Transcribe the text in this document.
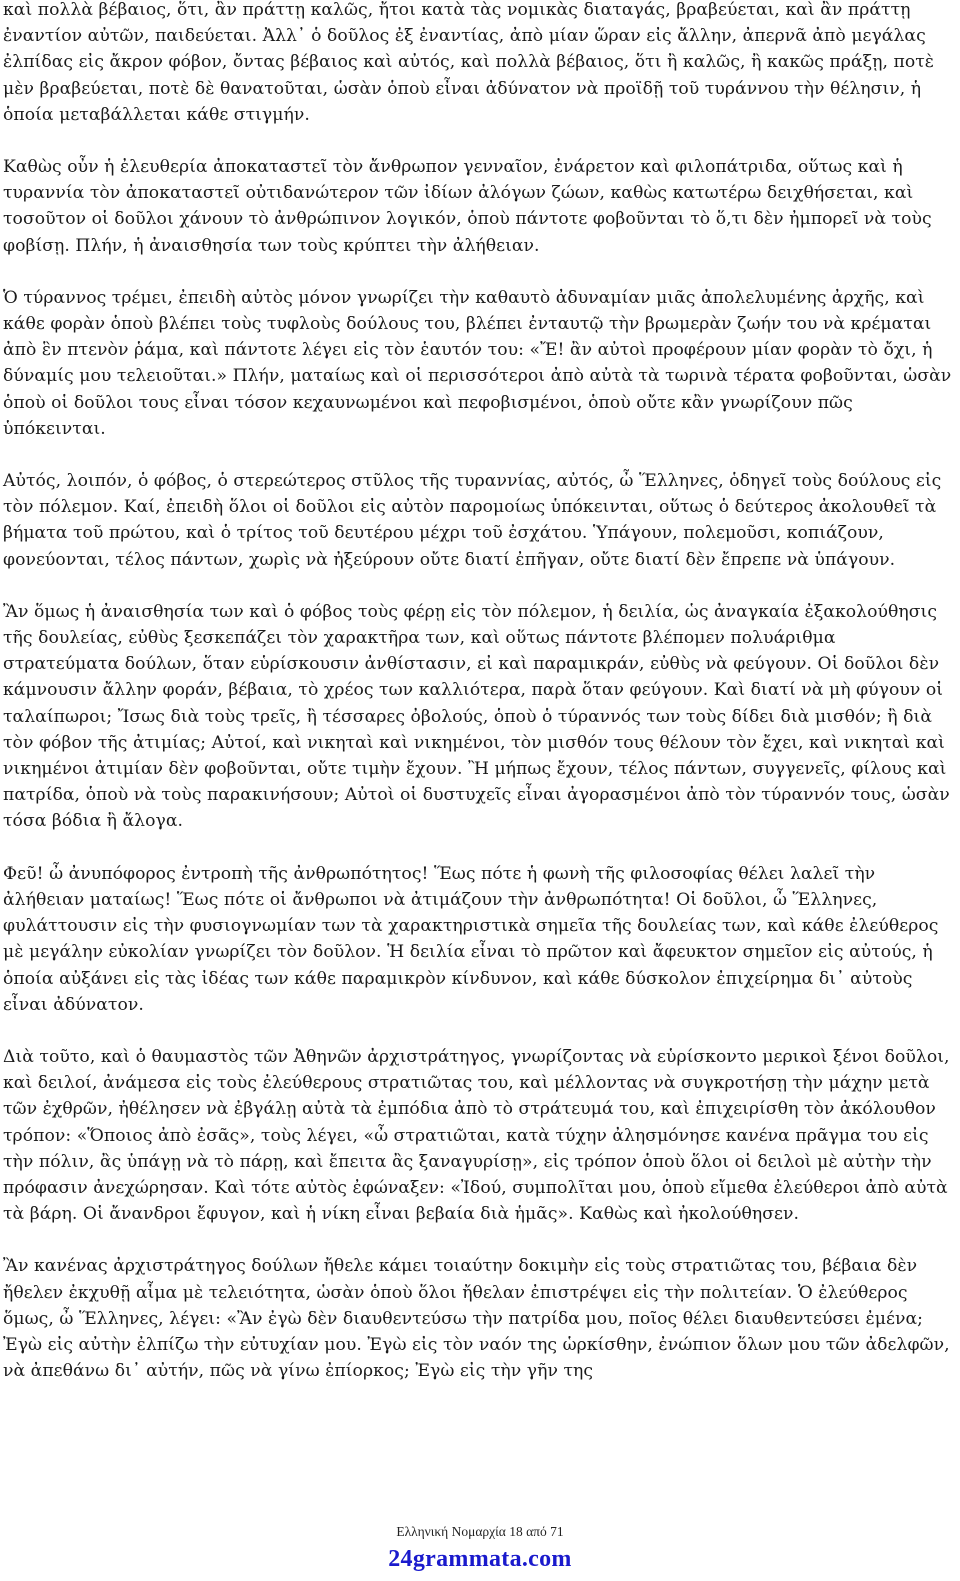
καὶ πολλὰ βέβαιος, ὅτι, ἂν πράττῃ καλῶς, ἤτοι κατὰ τὰς νομικὰς διαταγάς, βραβεύεται, καὶ ἂν πράττῃ ἐναντίον αὐτῶν, παιδεύεται. Ἀλλ᾽ ὁ δοῦλος ἐξ ἐναντίας, ἀπὸ μίαν ὥραν εἰς ἄλλην, ἀπερνᾶ ἀπὸ μεγάλας ἐλπίδας εἰς ἄκρον φόβον, ὄντας βέβαιος καὶ αὐτός, καὶ πολλὰ βέβαιος, ὅτι ἢ καλῶς, ἢ κακῶς πράξῃ, ποτὲ μὲν βραβεύεται, ποτὲ δὲ θανατοῦται, ὡσὰν ὁποὺ εἶναι ἀδύνατον νὰ προϊδῇ τοῦ τυράννου τὴν θέλησιν, ἡ ὁποία μεταβάλλεται κάθε στιγμήν.

Καθὼς οὖν ἡ ἐλευθερία ἀποκαταστεῖ τὸν ἄνθρωπον γενναῖον, ἐνάρετον καὶ φιλοπάτριδα, οὕτως καὶ ἡ τυραννία τὸν ἀποκαταστεῖ οὐτιδανώτερον τῶν ἰδίων ἀλόγων ζώων, καθὼς κατωτέρω δειχθήσεται, καὶ τοσοῦτον οἱ δοῦλοι χάνουν τὸ ἀνθρώπινον λογικόν, ὁποὺ πάντοτε φοβοῦνται τὸ ὅ,τι δὲν ἠμπορεῖ νὰ τοὺς φοβίσῃ. Πλήν, ἡ ἀναισθησία των τοὺς κρύπτει τὴν ἀλήθειαν.

Ὁ τύραννος τρέμει, ἐπειδὴ αὐτὸς μόνον γνωρίζει τὴν καθαυτὸ ἀδυναμίαν μιᾶς ἀπολελυμένης ἀρχῆς, καὶ κάθε φορὰν ὁποὺ βλέπει τοὺς τυφλοὺς δούλους του, βλέπει ἐνταυτῷ τὴν βρωμερὰν ζωήν του νὰ κρέμαται ἀπὸ ἓν πτενὸν ῥάμα, καὶ πάντοτε λέγει εἰς τὸν ἑαυτόν του: «Ἔ! ἂν αὐτοὶ προφέρουν μίαν φορὰν τὸ ὄχι, ἡ δύναμίς μου τελειοῦται.» Πλήν, ματαίως καὶ οἱ περισσότεροι ἀπὸ αὐτὰ τὰ τωρινὰ τέρατα φοβοῦνται, ὡσὰν ὁποὺ οἱ δοῦλοι τους εἶναι τόσον κεχαυνωμένοι καὶ πεφοβισμένοι, ὁποὺ οὔτε κἂν γνωρίζουν πῶς ὑπόκεινται.

Αὐτός, λοιπόν, ὁ φόβος, ὁ στερεώτερος στῦλος τῆς τυραννίας, αὐτός, ὦ Ἕλληνες, ὁδηγεῖ τοὺς δούλους εἰς τὸν πόλεμον. Καί, ἐπειδὴ ὅλοι οἱ δοῦλοι εἰς αὐτὸν παρομοίως ὑπόκεινται, οὕτως ὁ δεύτερος ἀκολουθεῖ τὰ βήματα τοῦ πρώτου, καὶ ὁ τρίτος τοῦ δευτέρου μέχρι τοῦ ἐσχάτου. Ὑπάγουν, πολεμοῦσι, κοπιάζουν, φονεύονται, τέλος πάντων, χωρὶς νὰ ἠξεύρουν οὔτε διατί ἐπῆγαν, οὔτε διατί δὲν ἔπρεπε νὰ ὑπάγουν.

Ἂν ὅμως ἡ ἀναισθησία των καὶ ὁ φόβος τοὺς φέρῃ εἰς τὸν πόλεμον, ἡ δειλία, ὡς ἀναγκαία ἐξακολούθησις τῆς δουλείας, εὐθὺς ξεσκεπάζει τὸν χαρακτῆρα των, καὶ οὕτως πάντοτε βλέπομεν πολυάριθμα στρατεύματα δούλων, ὅταν εὑρίσκουσιν ἀνθίστασιν, εἰ καὶ παραμικράν, εὐθὺς νὰ φεύγουν. Οἱ δοῦλοι δὲν κάμνουσιν ἄλλην φοράν, βέβαια, τὸ χρέος των καλλιότερα, παρὰ ὅταν φεύγουν. Καὶ διατί νὰ μὴ φύγουν οἱ ταλαίπωροι; Ἴσως διὰ τοὺς τρεῖς, ἢ τέσσαρες ὀβολούς, ὁποὺ ὁ τύραννός των τοὺς δίδει διὰ μισθόν; ἢ διὰ τὸν φόβον τῆς ἀτιμίας; Αὐτοί, καὶ νικηταὶ καὶ νικημένοι, τὸν μισθόν τους θέλουν τὸν ἔχει, καὶ νικηταὶ καὶ νικημένοι ἀτιμίαν δὲν φοβοῦνται, οὔτε τιμὴν ἔχουν. Ἢ μήπως ἔχουν, τέλος πάντων, συγγενεῖς, φίλους καὶ πατρίδα, ὁποὺ νὰ τοὺς παρακινήσουν; Αὐτοὶ οἱ δυστυχεῖς εἶναι ἀγορασμένοι ἀπὸ τὸν τύραννόν τους, ὡσὰν τόσα βόδια ἢ ἄλογα.

Φεῦ! ὦ ἀνυπόφορος ἐντροπὴ τῆς ἀνθρωπότητος! Ἕως πότε ἡ φωνὴ τῆς φιλοσοφίας θέλει λαλεῖ τὴν ἀλήθειαν ματαίως! Ἕως πότε οἱ ἄνθρωποι νὰ ἀτιμάζουν τὴν ἀνθρωπότητα! Οἱ δοῦλοι, ὦ Ἕλληνες, φυλάττουσιν εἰς τὴν φυσιογνωμίαν των τὰ χαρακτηριστικὰ σημεῖα τῆς δουλείας των, καὶ κάθε ἐλεύθερος μὲ μεγάλην εὐκολίαν γνωρίζει τὸν δοῦλον. Ἡ δειλία εἶναι τὸ πρῶτον καὶ ἄφευκτον σημεῖον εἰς αὐτούς, ἡ ὁποία αὐξάνει εἰς τὰς ἰδέας των κάθε παραμικρὸν κίνδυνον, καὶ κάθε δύσκολον ἐπιχείρημα δι᾽ αὐτοὺς εἶναι ἀδύνατον.

Διὰ τοῦτο, καὶ ὁ θαυμαστὸς τῶν Ἀθηνῶν ἀρχιστράτηγος, γνωρίζοντας νὰ εὑρίσκοντο μερικοὶ ξένοι δοῦλοι, καὶ δειλοί, ἀνάμεσα εἰς τοὺς ἐλεύθερους στρατιῶτας του, καὶ μέλλοντας νὰ συγκροτήσῃ τὴν μάχην μετὰ τῶν ἐχθρῶν, ἠθέλησεν νὰ ἐβγάλῃ αὐτὰ τὰ ἐμπόδια ἀπὸ τὸ στράτευμά του, καὶ ἐπιχειρίσθη τὸν ἀκόλουθον τρόπον: «Ὅποιος ἀπὸ ἐσᾶς», τοὺς λέγει, «ὦ στρατιῶται, κατὰ τύχην ἀλησμόνησε κανένα πρᾶγμα του εἰς τὴν πόλιν, ἂς ὑπάγῃ νὰ τὸ πάρῃ, καὶ ἔπειτα ἂς ξαναγυρίσῃ», εἰς τρόπον ὁποὺ ὅλοι οἱ δειλοὶ μὲ αὐτὴν τὴν πρόφασιν ἀνεχώρησαν. Καὶ τότε αὐτὸς ἐφώναξεν: «Ἰδού, συμπολῖται μου, ὁποὺ εἴμεθα ἐλεύθεροι ἀπὸ αὐτὰ τὰ βάρη. Οἱ ἄνανδροι ἔφυγον, καὶ ἡ νίκη εἶναι βεβαία διὰ ἡμᾶς». Καθὼς καὶ ἠκολούθησεν.

Ἂν κανένας ἀρχιστράτηγος δούλων ἤθελε κάμει τοιαύτην δοκιμὴν εἰς τοὺς στρατιῶτας του, βέβαια δὲν ἤθελεν ἐκχυθῇ αἷμα μὲ τελειότητα, ὡσὰν ὁποὺ ὅλοι ἤθελαν ἐπιστρέψει εἰς τὴν πολιτείαν. Ὁ ἐλεύθερος ὅμως, ὦ Ἕλληνες, λέγει: «Ἂν ἐγὼ δὲν διαυθεντεύσω τὴν πατρίδα μου, ποῖος θέλει διαυθεντεύσει ἐμένα; Ἐγὼ εἰς αὐτὴν ἐλπίζω τὴν εὐτυχίαν μου. Ἐγὼ εἰς τὸν ναόν της ὡρκίσθην, ἐνώπιον ὅλων μου τῶν ἀδελφῶν, νὰ ἀπεθάνω δι᾽ αὐτήν, πῶς νὰ γίνω ἐπίορκος; Ἐγὼ εἰς τὴν γῆν της

Ελληνική Νομαρχία 18 από 71
24grammata.com
